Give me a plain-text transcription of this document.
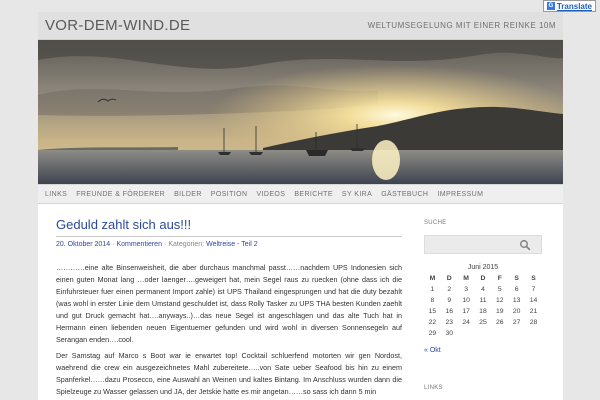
G Translate
VOR-DEM-WIND.DE	WELTUMSEGELUNG MIT EINER REINKE 10M
LINKS FREUNDE & FÖRDERER BILDER POSITION VIDEOS BERICHTE SY KIRA GÄSTEBUCH IMPRESSUM
Geduld zahlt sich aus!!!
20. Oktober 2014 · Kommentieren · Kategorien: Weltreise - Teil 2

…………eine alte Binsenweisheit, die aber durchaus manchmal passt……nachdem UPS Indonesien sich einen guten Monat lang …oder laenger….geweigert hat, mein Segel raus zu ruecken (ohne dass ich die Einfuhrsteuer fuer einen permanent Import zahle) ist UPS Thailand eingesprungen und hat die duty bezahlt (was wohl in erster Linie dem Umstand geschuldet ist, dass Rolly Tasker zu UPS THA besten Kunden zaehlt und gut Druck gemacht hat….anyways..)…das neue Segel ist angeschlagen und das alte Tuch hat in Hermann einen liebenden neuen Eigentuemer gefunden und wird wohl in diversen Sonnensegeln auf Serangan enden….cool.

Der Samstag auf Marco s Boot war ie erwartet top! Cocktail schluerfend motorten wir gen Nordost, waehrend die crew ein ausgezeichnetes Mahl zubereitete…..von Sate ueber Seafood bis hin zu einem Spanferkel……dazu Prosecco, eine Auswahl an Weinen und kaltes Bintang. Im Anschluss wurden dann die Spielzeuge zu Wasser gelassen und JA, der Jetskie hatte es mir angetan……so sass ich dann 5 min

SUCHE
Juni 2015
M	D	M	D	F	S	S
1	2	3	4	5	6	7
8	9	10	11	12	13	14
15	16	17	18	19	20	21
22	23	24	25	26	27	28
29	30					
« Okt
LINKS
